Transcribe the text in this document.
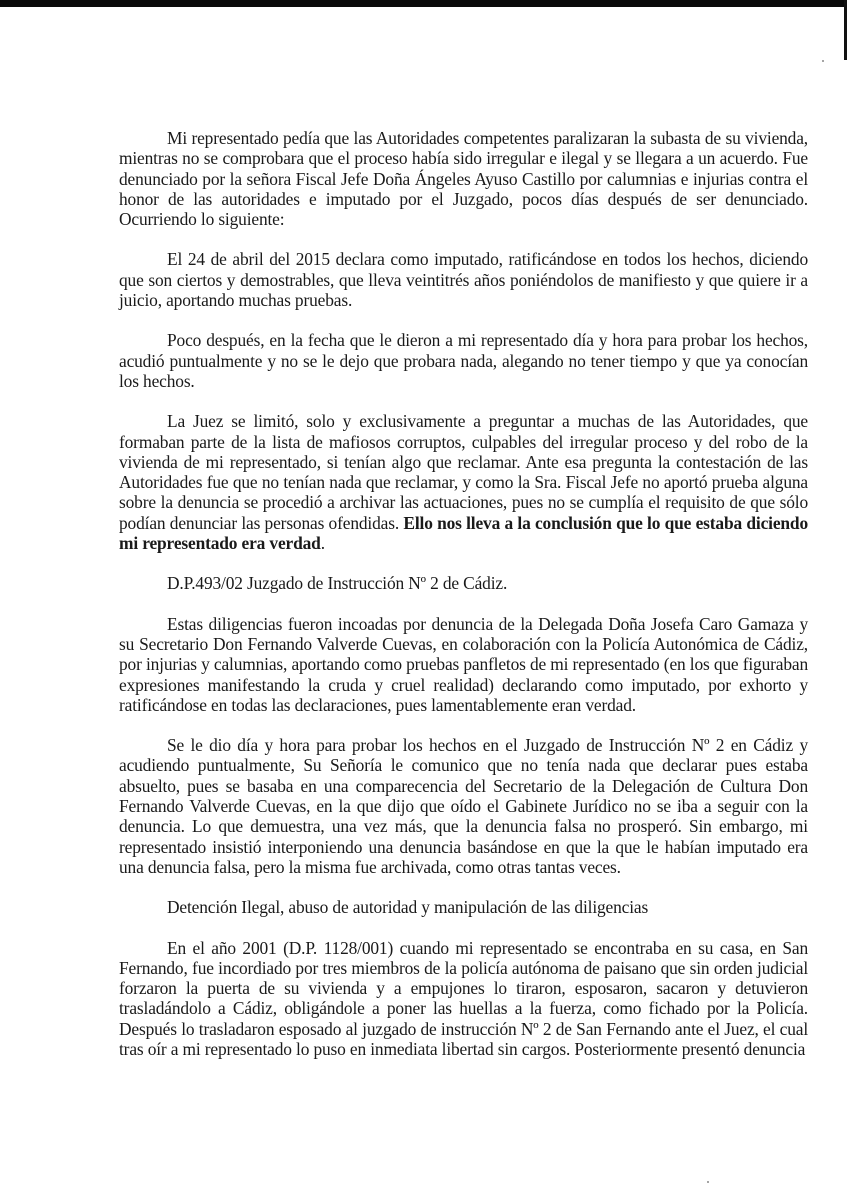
Mi representado pedía que las Autoridades competentes paralizaran la subasta de su vivienda, mientras no se comprobara que el proceso había sido irregular e ilegal y se llegara a un acuerdo. Fue denunciado por la señora Fiscal Jefe Doña Ángeles Ayuso Castillo por calumnias e injurias contra el honor de las autoridades e imputado por el Juzgado, pocos días después de ser denunciado. Ocurriendo lo siguiente:

El 24 de abril del 2015 declara como imputado, ratificándose en todos los hechos, diciendo que son ciertos y demostrables, que lleva veintitrés años poniéndolos de manifiesto y que quiere ir a juicio, aportando muchas pruebas.

Poco después, en la fecha que le dieron a mi representado día y hora para probar los hechos, acudió puntualmente y no se le dejo que probara nada, alegando no tener tiempo y que ya conocían los hechos.

La Juez se limitó, solo y exclusivamente a preguntar a muchas de las Autoridades, que formaban parte de la lista de mafiosos corruptos, culpables del irregular proceso y del robo de la vivienda de mi representado, si tenían algo que reclamar. Ante esa pregunta la contestación de las Autoridades fue que no tenían nada que reclamar, y como la Sra. Fiscal Jefe no aportó prueba alguna sobre la denuncia se procedió a archivar las actuaciones, pues no se cumplía el requisito de que sólo podían denunciar las personas ofendidas. Ello nos lleva a la conclusión que lo que estaba diciendo mi representado era verdad.

D.P.493/02 Juzgado de Instrucción Nº 2 de Cádiz.

Estas diligencias fueron incoadas por denuncia de la Delegada Doña Josefa Caro Gamaza y su Secretario Don Fernando Valverde Cuevas, en colaboración con la Policía Autonómica de Cádiz, por injurias y calumnias, aportando como pruebas panfletos de mi representado (en los que figuraban expresiones manifestando la cruda y cruel realidad) declarando como imputado, por exhorto y ratificándose en todas las declaraciones, pues lamentablemente eran verdad.

Se le dio día y hora para probar los hechos en el Juzgado de Instrucción Nº 2 en Cádiz y acudiendo puntualmente, Su Señoría le comunico que no tenía nada que declarar pues estaba absuelto, pues se basaba en una comparecencia del Secretario de la Delegación de Cultura Don Fernando Valverde Cuevas, en la que dijo que oído el Gabinete Jurídico no se iba a seguir con la denuncia. Lo que demuestra, una vez más, que la denuncia falsa no prosperó. Sin embargo, mi representado insistió interponiendo una denuncia basándose en que la que le habían imputado era una denuncia falsa, pero la misma fue archivada, como otras tantas veces.

Detención Ilegal, abuso de autoridad y manipulación de las diligencias

En el año 2001 (D.P. 1128/001) cuando mi representado se encontraba en su casa, en San Fernando, fue incordiado por tres miembros de la policía autónoma de paisano que sin orden judicial forzaron la puerta de su vivienda y a empujones lo tiraron, esposaron, sacaron y detuvieron trasladándolo a Cádiz, obligándole a poner las huellas a la fuerza, como fichado por la Policía. Después lo trasladaron esposado al juzgado de instrucción Nº 2 de San Fernando ante el Juez, el cual tras oír a mi representado lo puso en inmediata libertad sin cargos. Posteriormente presentó denuncia
